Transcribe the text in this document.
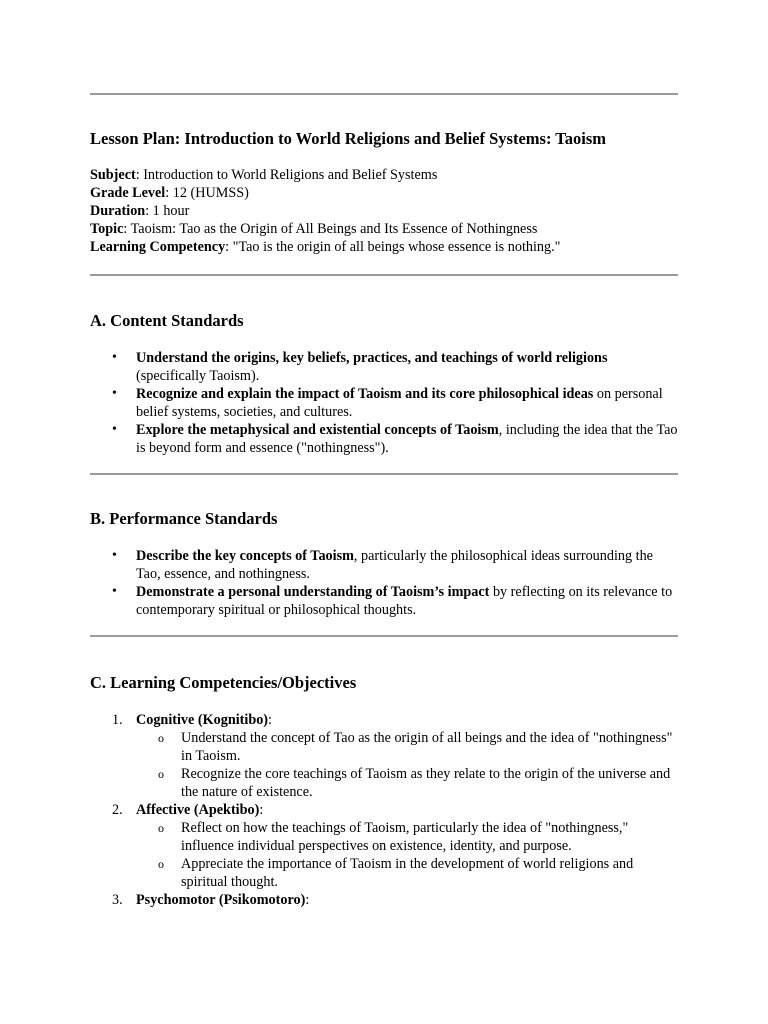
Lesson Plan: Introduction to World Religions and Belief Systems: Taoism
Subject: Introduction to World Religions and Belief Systems
Grade Level: 12 (HUMSS)
Duration: 1 hour
Topic: Taoism: Tao as the Origin of All Beings and Its Essence of Nothingness
Learning Competency: "Tao is the origin of all beings whose essence is nothing."
A. Content Standards
• Understand the origins, key beliefs, practices, and teachings of world religions (specifically Taoism).
• Recognize and explain the impact of Taoism and its core philosophical ideas on personal belief systems, societies, and cultures.
• Explore the metaphysical and existential concepts of Taoism, including the idea that the Tao is beyond form and essence ("nothingness").
B. Performance Standards
• Describe the key concepts of Taoism, particularly the philosophical ideas surrounding the Tao, essence, and nothingness.
• Demonstrate a personal understanding of Taoism’s impact by reflecting on its relevance to contemporary spiritual or philosophical thoughts.
C. Learning Competencies/Objectives
1. Cognitive (Kognitibo):
o Understand the concept of Tao as the origin of all beings and the idea of "nothingness" in Taoism.
o Recognize the core teachings of Taoism as they relate to the origin of the universe and the nature of existence.
2. Affective (Apektibo):
o Reflect on how the teachings of Taoism, particularly the idea of "nothingness," influence individual perspectives on existence, identity, and purpose.
o Appreciate the importance of Taoism in the development of world religions and spiritual thought.
3. Psychomotor (Psikomotoro):
